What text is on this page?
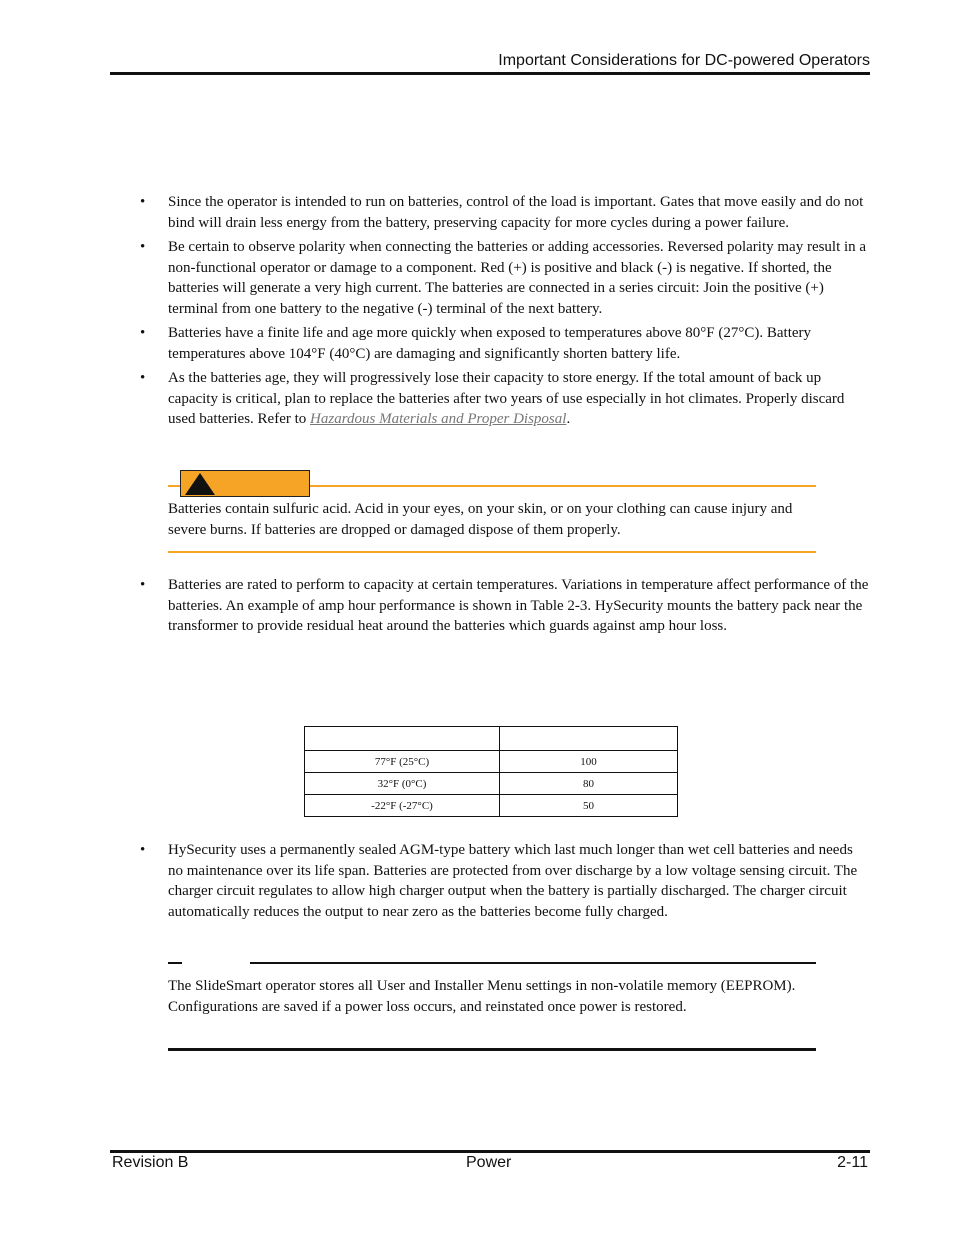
Important Considerations for DC-powered Operators
• Since the operator is intended to run on batteries, control of the load is important. Gates that move easily and do not bind will drain less energy from the battery, preserving capacity for more cycles during a power failure.
• Be certain to observe polarity when connecting the batteries or adding accessories. Reversed polarity may result in a non-functional operator or damage to a component. Red (+) is positive and black (-) is negative. If shorted, the batteries will generate a very high current. The batteries are connected in a series circuit: Join the positive (+) terminal from one battery to the negative (-) terminal of the next battery.
• Batteries have a finite life and age more quickly when exposed to temperatures above 80°F (27°C). Battery temperatures above 104°F (40°C) are damaging and significantly shorten battery life.
• As the batteries age, they will progressively lose their capacity to store energy. If the total amount of back up capacity is critical, plan to replace the batteries after two years of use especially in hot climates. Properly discard used batteries. Refer to Hazardous Materials and Proper Disposal.
Batteries contain sulfuric acid. Acid in your eyes, on your skin, or on your clothing can cause injury and severe burns. If batteries are dropped or damaged dispose of them properly.
• Batteries are rated to perform to capacity at certain temperatures. Variations in temperature affect performance of the batteries. An example of amp hour performance is shown in Table 2-3. HySecurity mounts the battery pack near the transformer to provide residual heat around the batteries which guards against amp hour loss.

77°F (25°C)	100
32°F (0°C)	80
-22°F (-27°C)	50
• HySecurity uses a permanently sealed AGM-type battery which last much longer than wet cell batteries and needs no maintenance over its life span. Batteries are protected from over discharge by a low voltage sensing circuit. The charger circuit regulates to allow high charger output when the battery is partially discharged. The charger circuit automatically reduces the output to near zero as the batteries become fully charged.
The SlideSmart operator stores all User and Installer Menu settings in non-volatile memory (EEPROM). Configurations are saved if a power loss occurs, and reinstated once power is restored.
Revision B	Power	2-11
